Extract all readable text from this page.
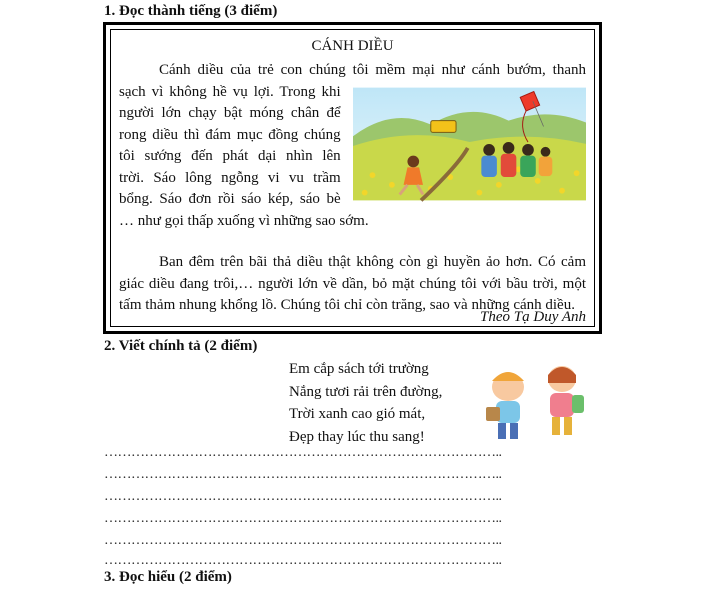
1. Đọc thành tiếng (3 điểm)
CÁNH DIỀU
Cánh diều của trẻ con chúng tôi mềm mại như cánh bướm, thanh
sạch vì không hề vụ lợi. Trong khi
người lớn chạy bật móng chân để
rong diều thì đám mục đồng chúng
tôi sướng đến phát dại nhìn lên
trời. Sáo lông ngỗng vi vu trầm
bổng. Sáo đơn rồi sáo kép, sáo bè
… như gọi thấp xuống vì những sao sớm.
Ban đêm trên bãi thả diều thật không còn gì huyền ảo hơn. Có cảm giác diều đang trôi,… người lớn về dần, bỏ mặt chúng tôi với bầu trời, một tấm thảm nhung khổng lồ. Chúng tôi chỉ còn trăng, sao và những cánh diều.
Theo Tạ Duy Anh
2. Viết chính tả (2 điểm)
Em cắp sách tới trường
Nắng tươi rải trên đường,
Trời xanh cao gió mát,
Đẹp thay lúc thu sang!
……………………………………………………………………………..
……………………………………………………………………………..
……………………………………………………………………………..
……………………………………………………………………………..
……………………………………………………………………………..
……………………………………………………………………………..
3. Đọc hiểu (2 điểm)
